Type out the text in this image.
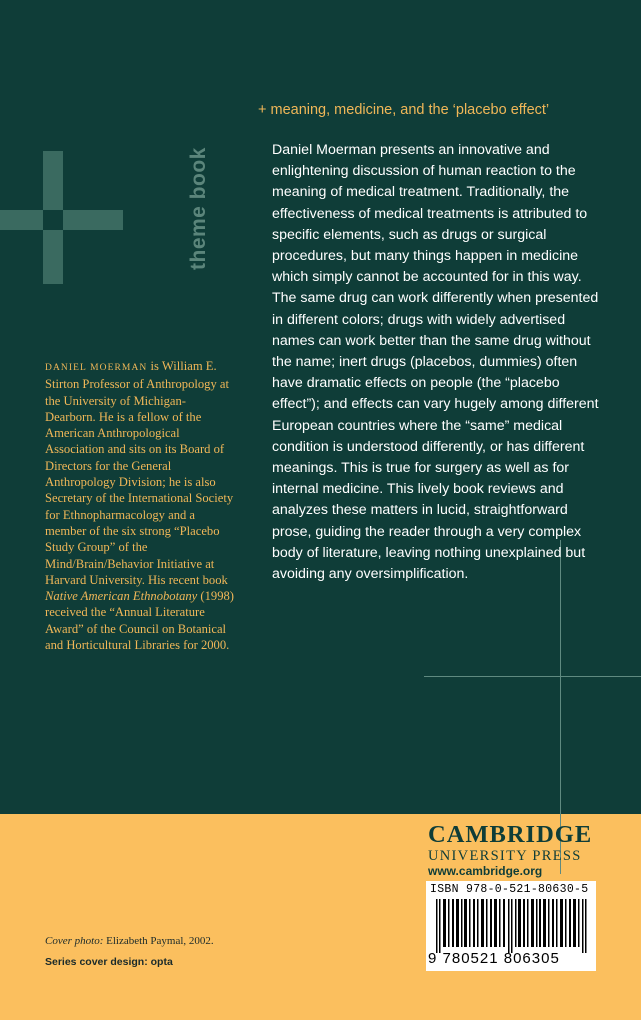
theme book
+ meaning, medicine, and the ‘placebo effect’

Daniel Moerman presents an innovative and enlightening discussion of human reaction to the meaning of medical treatment. Traditionally, the effectiveness of medical treatments is attributed to specific elements, such as drugs or surgical procedures, but many things happen in medicine which simply cannot be accounted for in this way. The same drug can work differently when presented in different colors; drugs with widely advertised names can work better than the same drug without the name; inert drugs (placebos, dummies) often have dramatic effects on people (the “placebo effect”); and effects can vary hugely among different European countries where the “same” medical condition is understood differently, or has different meanings. This is true for surgery as well as for internal medicine. This lively book reviews and analyzes these matters in lucid, straightforward prose, guiding the reader through a very complex body of literature, leaving nothing unexplained but avoiding any oversimplification.

DANIEL MOERMAN is William E. Stirton Professor of Anthropology at the University of Michigan-Dearborn. He is a fellow of the American Anthropological Association and sits on its Board of Directors for the General Anthropology Division; he is also Secretary of the International Society for Ethnopharmacology and a member of the six strong “Placebo Study Group” of the Mind/Brain/Behavior Initiative at Harvard University. His recent book Native American Ethnobotany (1998) received the “Annual Literature Award” of the Council on Botanical and Horticultural Libraries for 2000.
CAMBRIDGE
UNIVERSITY PRESS
www.cambridge.org
ISBN 978-0-521-80630-5
9 780521 806305
Cover photo: Elizabeth Paymal, 2002.
Series cover design: opta
